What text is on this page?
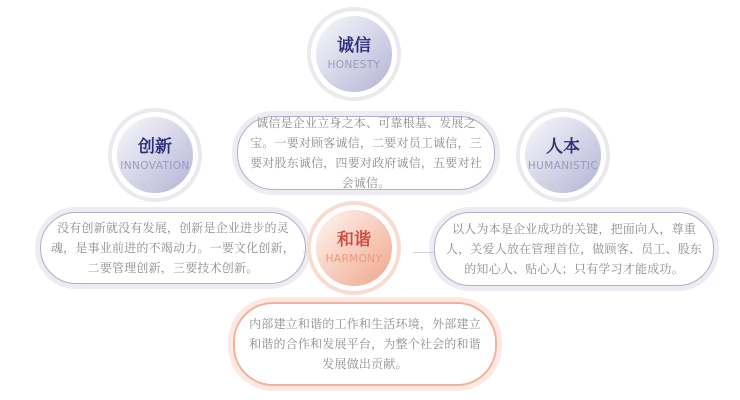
诚信是企业立身之本、可靠根基、发展之宝。一要对顾客诚信，二要对员工诚信，三要对股东诚信，四要对政府诚信，五要对社会诚信。

没有创新就没有发展，创新是企业进步的灵魂，是事业前进的不竭动力。一要文化创新，二要管理创新，三要技术创新。

以人为本是企业成功的关键，把面向人，尊重人，关爱人放在管理首位，做顾客、员工、股东的知心人、贴心人；只有学习才能成功。

内部建立和谐的工作和生活环境，外部建立和谐的合作和发展平台，为整个社会的和谐发展做出贡献。

诚信
HONESTY
创新
INNOVATION
人本
HUMANISTIC
和谐
HARMONY
